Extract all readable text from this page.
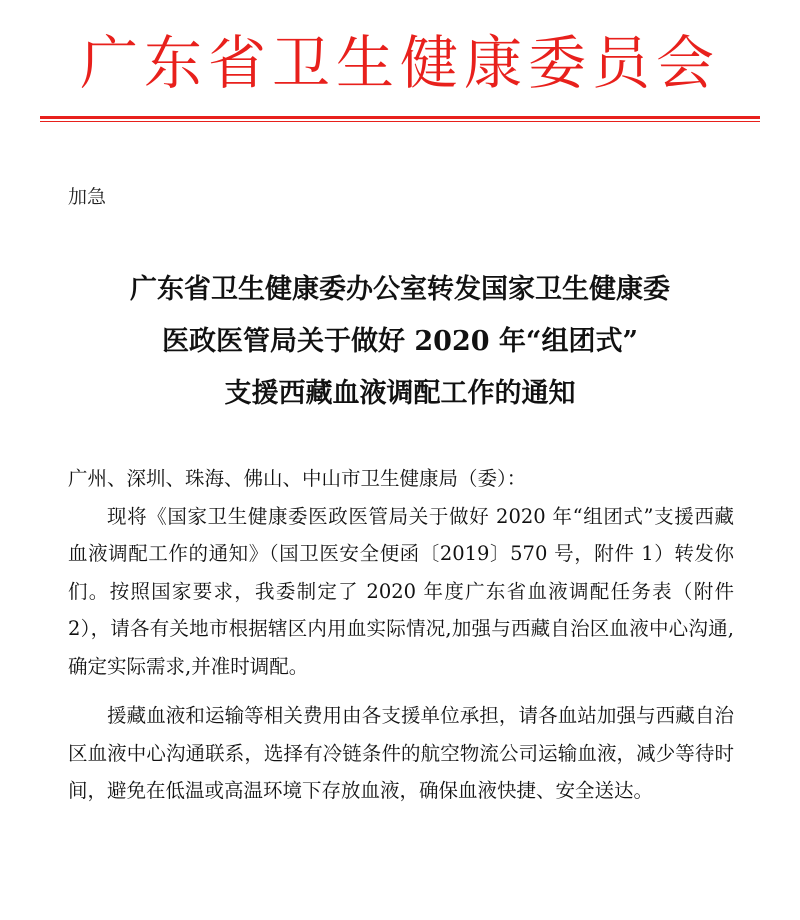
广东省卫生健康委员会
加急
广东省卫生健康委办公室转发国家卫生健康委
医政医管局关于做好 2020 年“组团式”
支援西藏血液调配工作的通知

广州、深圳、珠海、佛山、中山市卫生健康局（委）：

现将《国家卫生健康委医政医管局关于做好 2020 年“组团式”支援西藏血液调配工作的通知》（国卫医安全便函〔2019〕570 号，附件 1）转发你们。按照国家要求，我委制定了 2020 年度广东省血液调配任务表（附件 2），请各有关地市根据辖区内用血实际情况,加强与西藏自治区血液中心沟通,确定实际需求,并准时调配。

援藏血液和运输等相关费用由各支援单位承担，请各血站加强与西藏自治区血液中心沟通联系，选择有冷链条件的航空物流公司运输血液，减少等待时间，避免在低温或高温环境下存放血液，确保血液快捷、安全送达。
